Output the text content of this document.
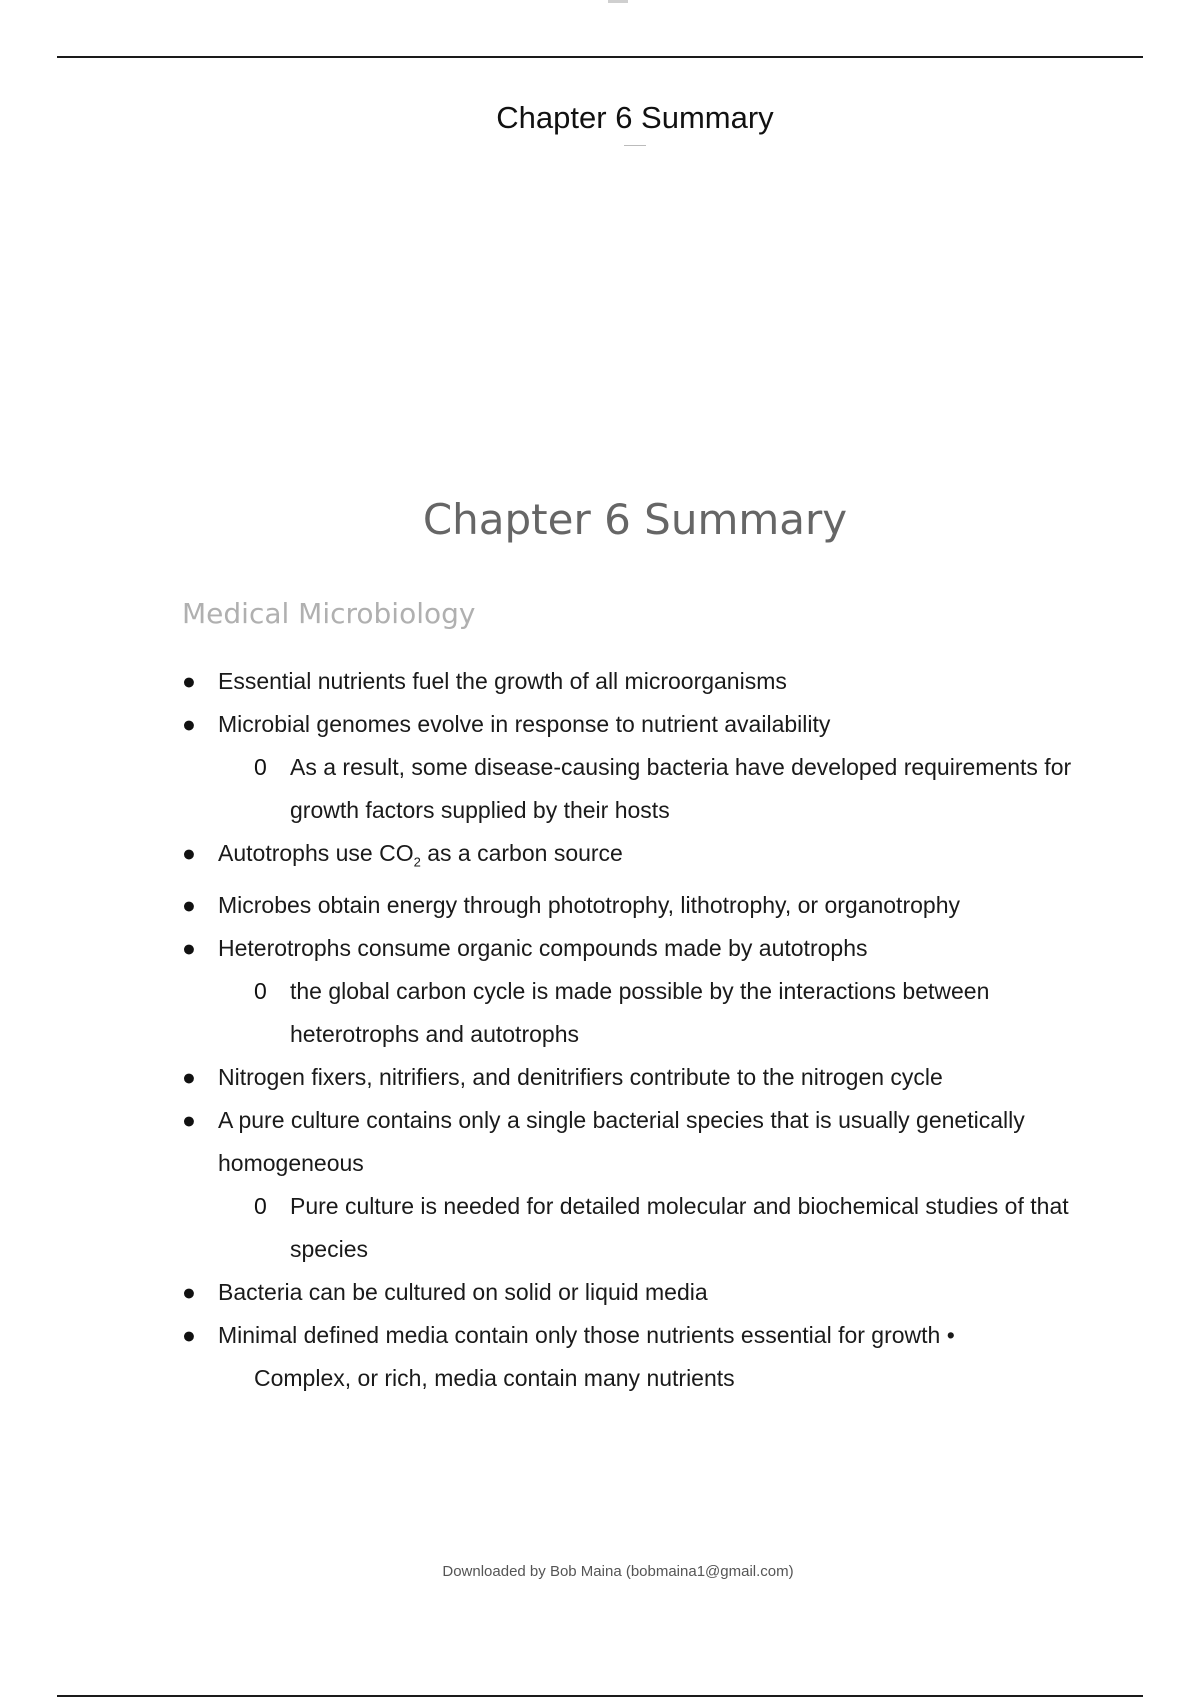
Chapter 6 Summary
Chapter 6 Summary
Medical Microbiology
● Essential nutrients fuel the growth of all microorganisms
● Microbial genomes evolve in response to nutrient availability
0 As a result, some disease-causing bacteria have developed requirements for growth factors supplied by their hosts
● Autotrophs use $CO_2$ as a carbon source
● Microbes obtain energy through phototrophy, lithotrophy, or organotrophy
● Heterotrophs consume organic compounds made by autotrophs
0 the global carbon cycle is made possible by the interactions between heterotrophs and autotrophs
● Nitrogen fixers, nitrifiers, and denitrifiers contribute to the nitrogen cycle
● A pure culture contains only a single bacterial species that is usually genetically homogeneous
0 Pure culture is needed for detailed molecular and biochemical studies of that species
● Bacteria can be cultured on solid or liquid media
● Minimal defined media contain only those nutrients essential for growth •
Complex, or rich, media contain many nutrients
Downloaded by Bob Maina (bobmaina1@gmail.com)
